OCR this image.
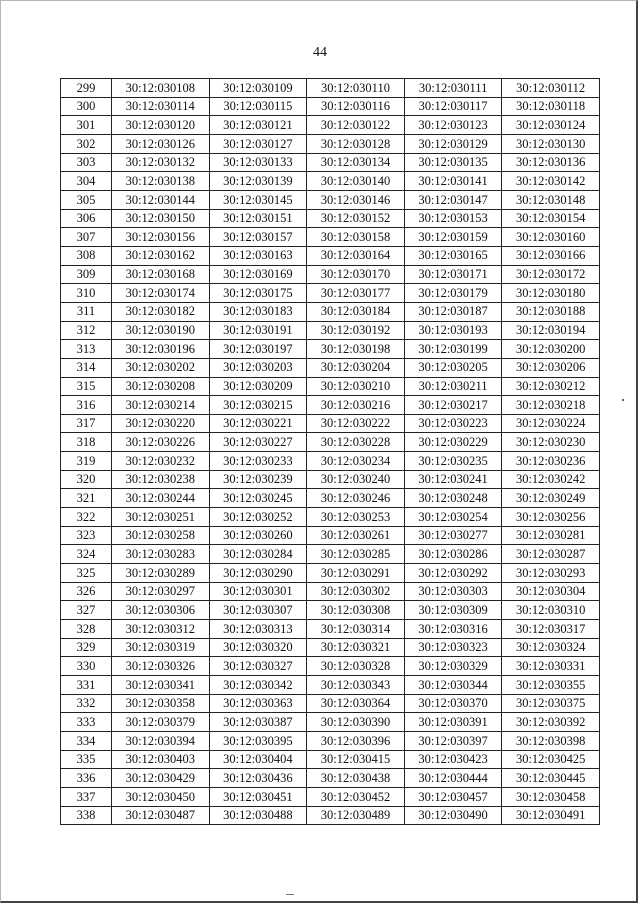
44
299	30:12:030108	30:12:030109	30:12:030110	30:12:030111	30:12:030112
300	30:12:030114	30:12:030115	30:12:030116	30:12:030117	30:12:030118
301	30:12:030120	30:12:030121	30:12:030122	30:12:030123	30:12:030124
302	30:12:030126	30:12:030127	30:12:030128	30:12:030129	30:12:030130
303	30:12:030132	30:12:030133	30:12:030134	30:12:030135	30:12:030136
304	30:12:030138	30:12:030139	30:12:030140	30:12:030141	30:12:030142
305	30:12:030144	30:12:030145	30:12:030146	30:12:030147	30:12:030148
306	30:12:030150	30:12:030151	30:12:030152	30:12:030153	30:12:030154
307	30:12:030156	30:12:030157	30:12:030158	30:12:030159	30:12:030160
308	30:12:030162	30:12:030163	30:12:030164	30:12:030165	30:12:030166
309	30:12:030168	30:12:030169	30:12:030170	30:12:030171	30:12:030172
310	30:12:030174	30:12:030175	30:12:030177	30:12:030179	30:12:030180
311	30:12:030182	30:12:030183	30:12:030184	30:12:030187	30:12:030188
312	30:12:030190	30:12:030191	30:12:030192	30:12:030193	30:12:030194
313	30:12:030196	30:12:030197	30:12:030198	30:12:030199	30:12:030200
314	30:12:030202	30:12:030203	30:12:030204	30:12:030205	30:12:030206
315	30:12:030208	30:12:030209	30:12:030210	30:12:030211	30:12:030212
316	30:12:030214	30:12:030215	30:12:030216	30:12:030217	30:12:030218
317	30:12:030220	30:12:030221	30:12:030222	30:12:030223	30:12:030224
318	30:12:030226	30:12:030227	30:12:030228	30:12:030229	30:12:030230
319	30:12:030232	30:12:030233	30:12:030234	30:12:030235	30:12:030236
320	30:12:030238	30:12:030239	30:12:030240	30:12:030241	30:12:030242
321	30:12:030244	30:12:030245	30:12:030246	30:12:030248	30:12:030249
322	30:12:030251	30:12:030252	30:12:030253	30:12:030254	30:12:030256
323	30:12:030258	30:12:030260	30:12:030261	30:12:030277	30:12:030281
324	30:12:030283	30:12:030284	30:12:030285	30:12:030286	30:12:030287
325	30:12:030289	30:12:030290	30:12:030291	30:12:030292	30:12:030293
326	30:12:030297	30:12:030301	30:12:030302	30:12:030303	30:12:030304
327	30:12:030306	30:12:030307	30:12:030308	30:12:030309	30:12:030310
328	30:12:030312	30:12:030313	30:12:030314	30:12:030316	30:12:030317
329	30:12:030319	30:12:030320	30:12:030321	30:12:030323	30:12:030324
330	30:12:030326	30:12:030327	30:12:030328	30:12:030329	30:12:030331
331	30:12:030341	30:12:030342	30:12:030343	30:12:030344	30:12:030355
332	30:12:030358	30:12:030363	30:12:030364	30:12:030370	30:12:030375
333	30:12:030379	30:12:030387	30:12:030390	30:12:030391	30:12:030392
334	30:12:030394	30:12:030395	30:12:030396	30:12:030397	30:12:030398
335	30:12:030403	30:12:030404	30:12:030415	30:12:030423	30:12:030425
336	30:12:030429	30:12:030436	30:12:030438	30:12:030444	30:12:030445
337	30:12:030450	30:12:030451	30:12:030452	30:12:030457	30:12:030458
338	30:12:030487	30:12:030488	30:12:030489	30:12:030490	30:12:030491
